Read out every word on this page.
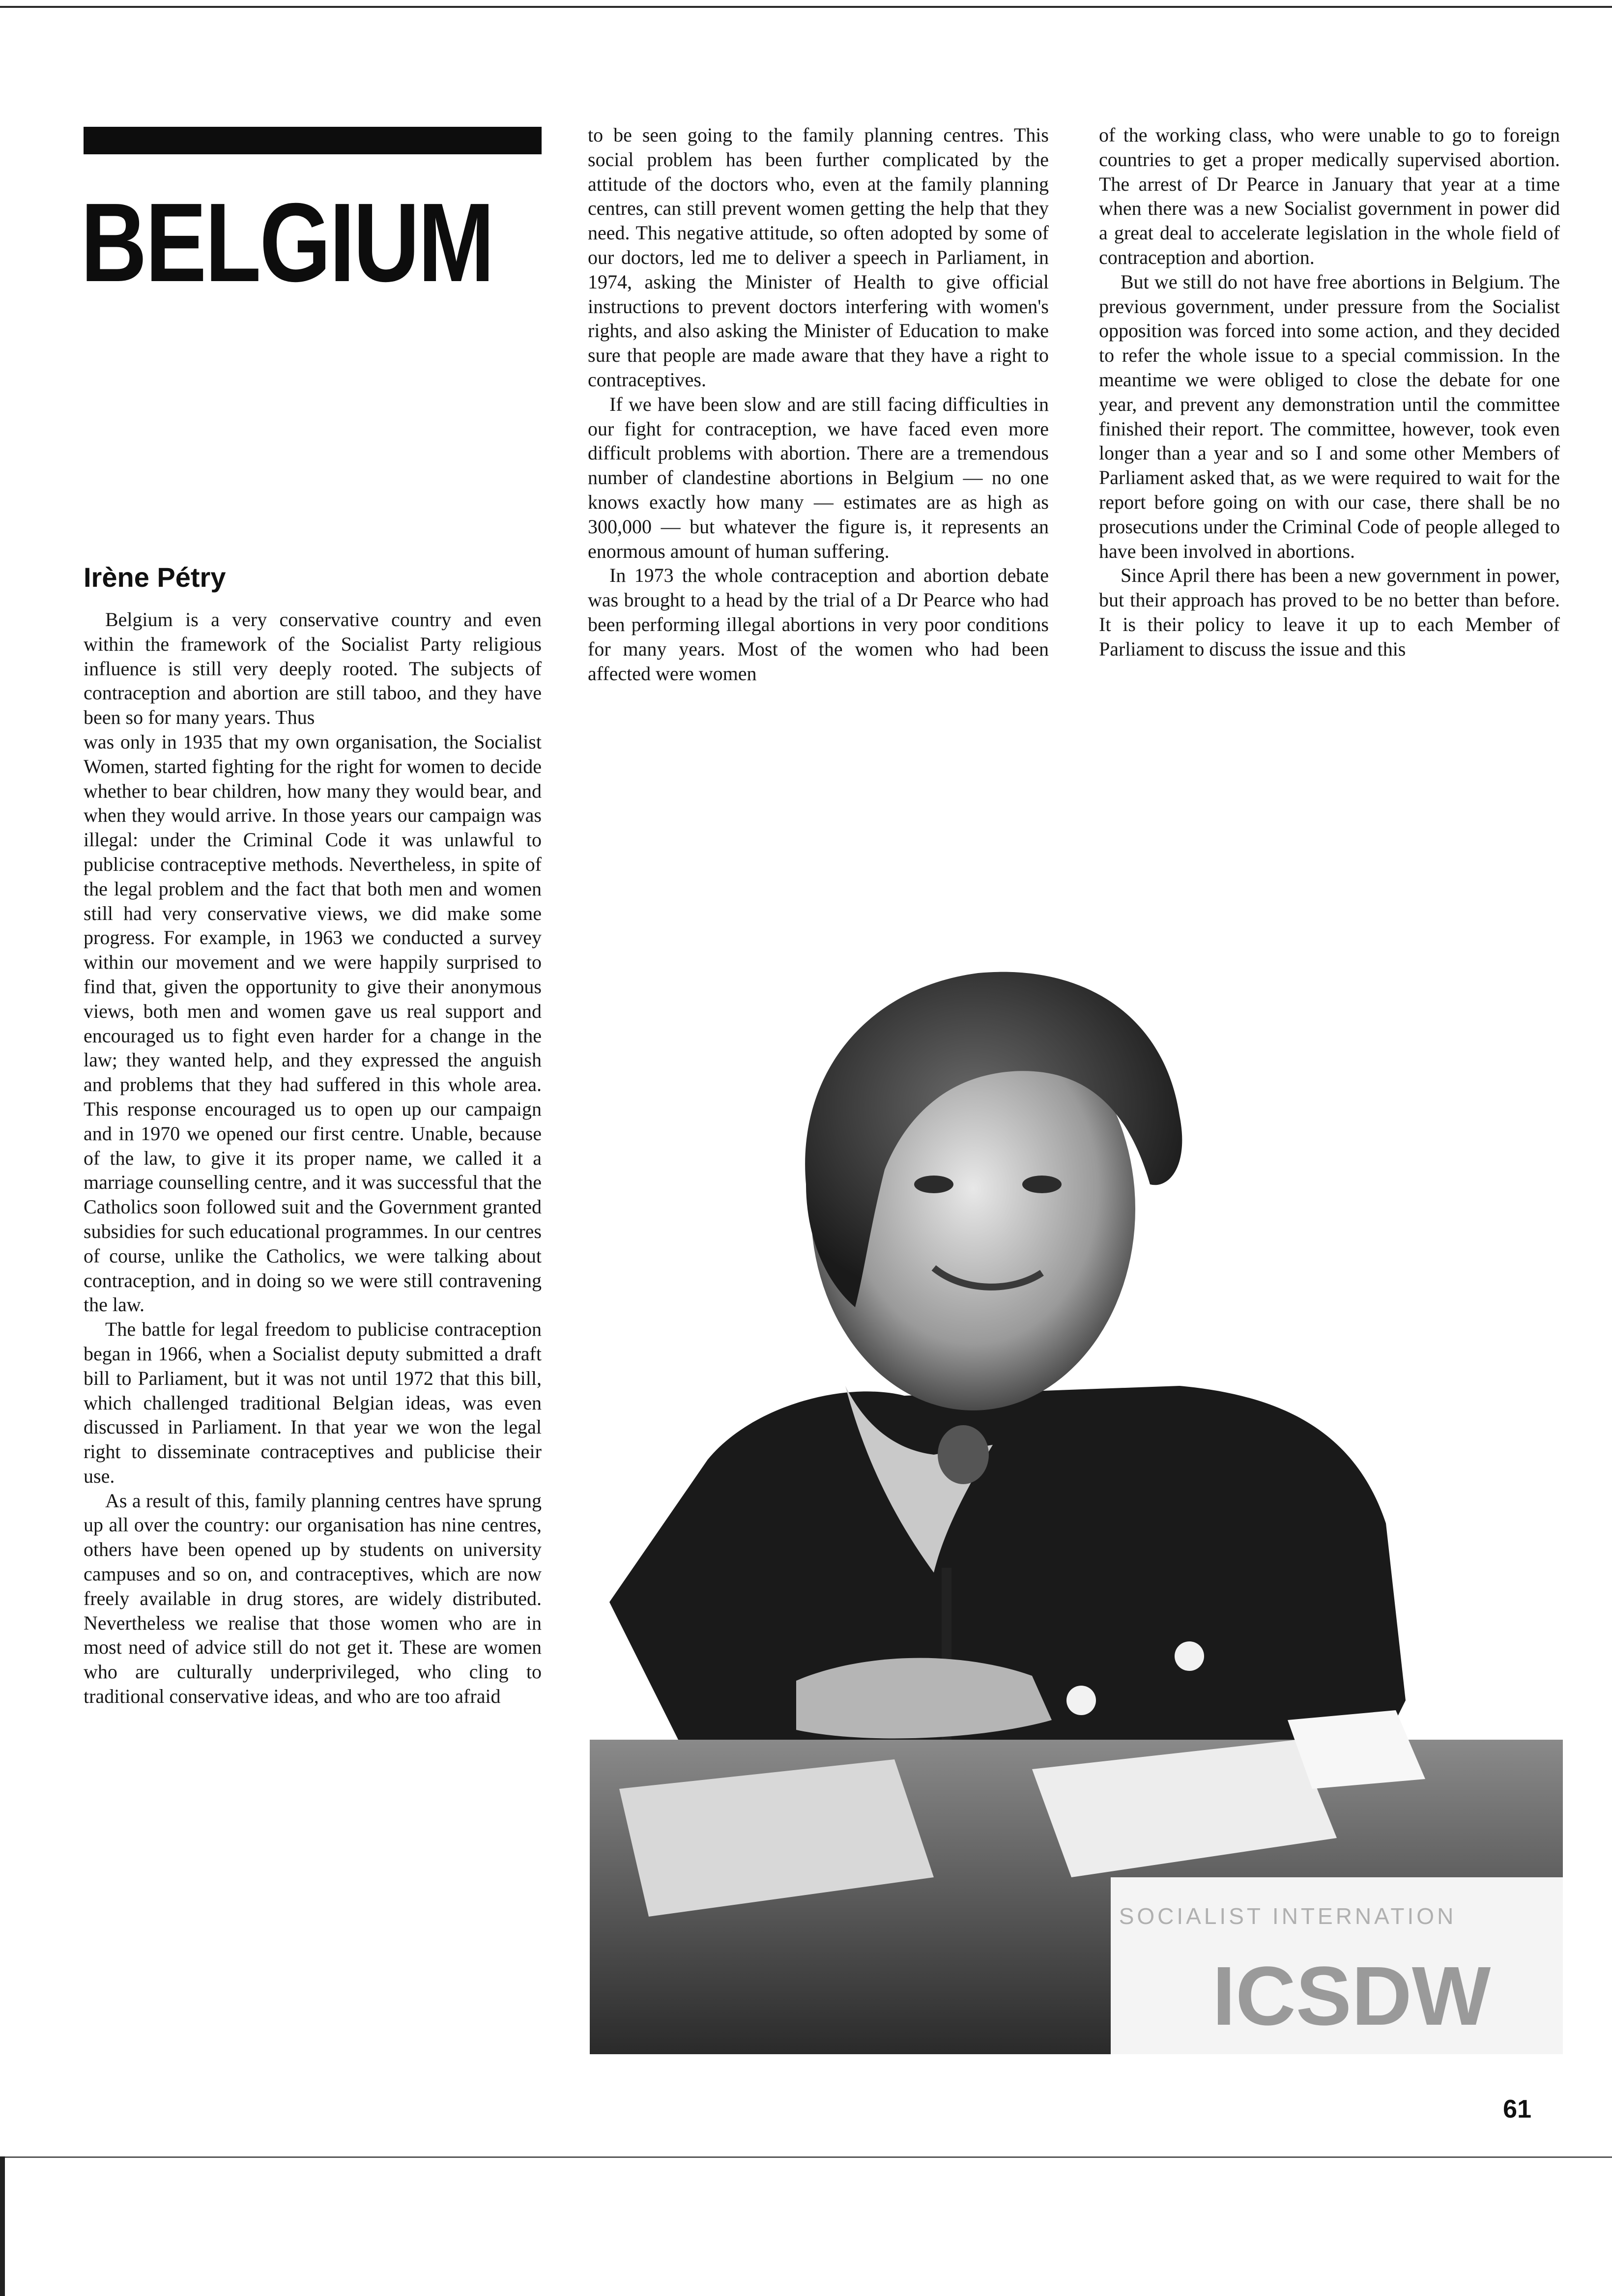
BELGIUM
Irène Pétry

Belgium is a very conservative country and even within the framework of the Socialist Party religious influence is still very deeply rooted. The subjects of contraception and abortion are still taboo, and they have been so for many years. Thus

was only in 1935 that my own organisation, the Socialist Women, started fighting for the right for women to decide whether to bear children, how many they would bear, and when they would arrive. In those years our campaign was illegal: under the Criminal Code it was unlawful to publicise contraceptive methods. Nevertheless, in spite of the legal problem and the fact that both men and women still had very conservative views, we did make some progress. For example, in 1963 we conducted a survey within our movement and we were happily surprised to find that, given the opportunity to give their anonymous views, both men and women gave us real support and encouraged us to fight even harder for a change in the law; they wanted help, and they expressed the anguish and problems that they had suffered in this whole area. This response encouraged us to open up our campaign and in 1970 we opened our first centre. Unable, because of the law, to give it its proper name, we called it a marriage counselling centre, and it was successful that the Catholics soon followed suit and the Government granted subsidies for such educational programmes. In our centres of course, unlike the Catholics, we were talking about contraception, and in doing so we were still contravening the law.

The battle for legal freedom to publicise contraception began in 1966, when a Socialist deputy submitted a draft bill to Parliament, but it was not until 1972 that this bill, which challenged traditional Belgian ideas, was even discussed in Parliament. In that year we won the legal right to disseminate contraceptives and publicise their use.

As a result of this, family planning centres have sprung up all over the country: our organisation has nine centres, others have been opened up by students on university campuses and so on, and contraceptives, which are now freely available in drug stores, are widely distributed. Nevertheless we realise that those women who are in most need of advice still do not get it. These are women who are culturally underprivileged, who cling to traditional conservative ideas, and who are too afraid

to be seen going to the family planning centres. This social problem has been further complicated by the attitude of the doctors who, even at the family planning centres, can still prevent women getting the help that they need. This negative attitude, so often adopted by some of our doctors, led me to deliver a speech in Parliament, in 1974, asking the Minister of Health to give official instructions to prevent doctors interfering with women's rights, and also asking the Minister of Education to make sure that people are made aware that they have a right to contraceptives.

If we have been slow and are still facing difficulties in our fight for contraception, we have faced even more difficult problems with abortion. There are a tremendous number of clandestine abortions in Belgium — no one knows exactly how many — estimates are as high as 300,000 — but whatever the figure is, it represents an enormous amount of human suffering.

In 1973 the whole contraception and abortion debate was brought to a head by the trial of a Dr Pearce who had been performing illegal abortions in very poor conditions for many years. Most of the women who had been affected were women

of the working class, who were unable to go to foreign countries to get a proper medically supervised abortion. The arrest of Dr Pearce in January that year at a time when there was a new Socialist government in power did a great deal to accelerate legislation in the whole field of contraception and abortion.

But we still do not have free abortions in Belgium. The previous government, under pressure from the Socialist opposition was forced into some action, and they decided to refer the whole issue to a special commission. In the meantime we were obliged to close the debate for one year, and prevent any demonstration until the committee finished their report. The committee, however, took even longer than a year and so I and some other Members of Parliament asked that, as we were required to wait for the report before going on with our case, there shall be no prosecutions under the Criminal Code of people alleged to have been involved in abortions.

Since April there has been a new government in power, but their approach has proved to be no better than before. It is their policy to leave it up to each Member of Parliament to discuss the issue and this

SOCIALIST INTERNATION
ICSDW
61
